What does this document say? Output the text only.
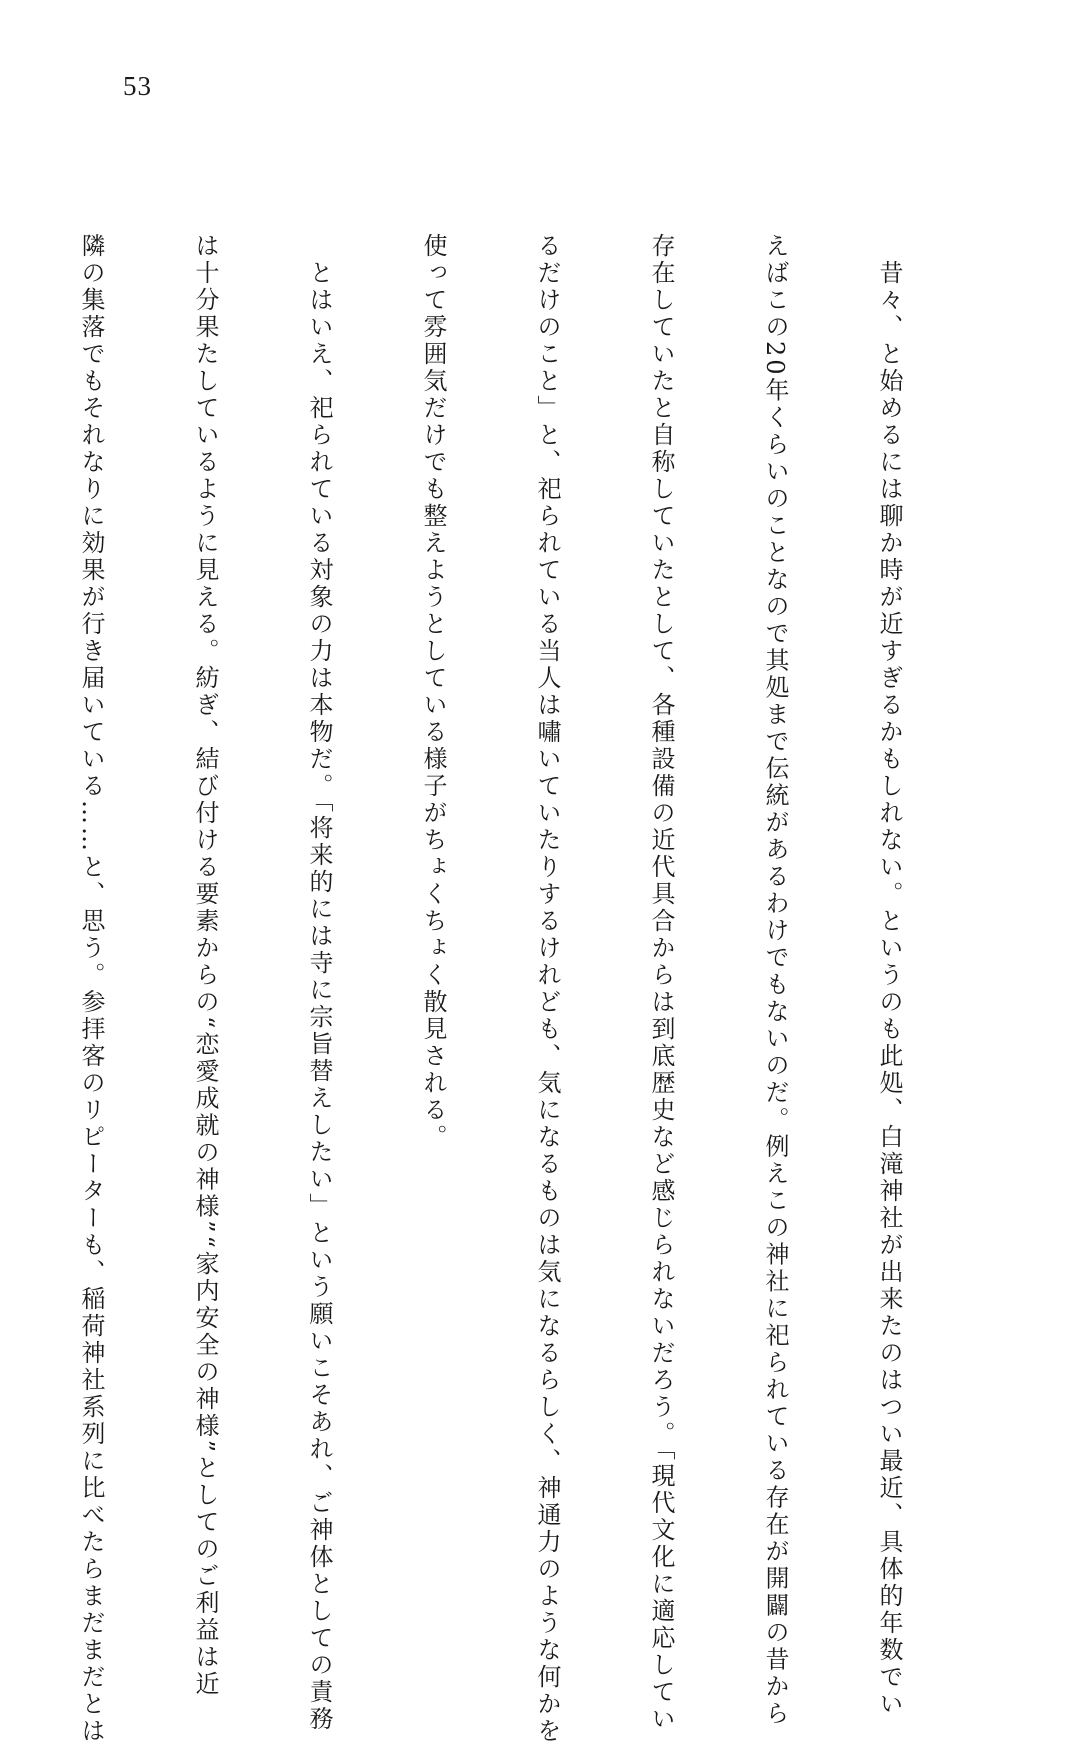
53

　昔々、と始めるには聊か時が近すぎるかもしれない。というのも此処、白滝神社が出来たのはつい最近、具体的年数でい

えばこの20年くらいのことなので其処まで伝統があるわけでもないのだ。例えこの神社に祀られている存在が開闢の昔から

存在していたと自称していたとして、各種設備の近代具合からは到底歴史など感じられないだろう。「現代文化に適応してい

るだけのこと」と、祀られている当人は嘯いていたりするけれども、気になるものは気になるらしく、神通力のような何かを

使って雰囲気だけでも整えようとしている様子がちょくちょく散見される。

　とはいえ、祀られている対象の力は本物だ。「将来的には寺に宗旨替えしたい」という願いこそあれ、ご神体としての責務

は十分果たしているように見える。紡ぎ、結び付ける要素からの“恋愛成就の神様”“家内安全の神様”としてのご利益は近

隣の集落でもそれなりに効果が行き届いている……と、思う。参拝客のリピーターも、稲荷神社系列に比べたらまだまだとは
